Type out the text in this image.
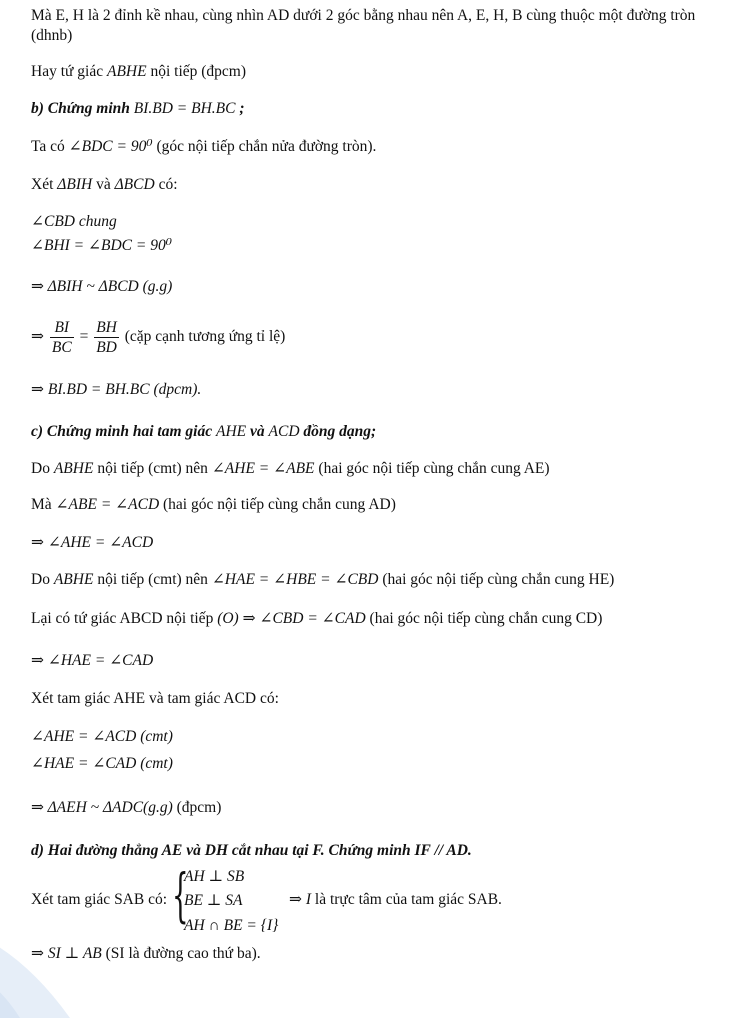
Mà E, H là 2 đỉnh kề nhau, cùng nhìn AD dưới 2 góc bằng nhau nên A, E, H, B cùng thuộc một đường tròn
(dhnb)
Hay tứ giác ABHE nội tiếp (đpcm)
b) Chứng minh BI.BD = BH.BC ;
Ta có ∠BDC = 90⁰ (góc nội tiếp chắn nửa đường tròn).
Xét ΔBIH và ΔBCD có:
∠CBD chung
∠BHI = ∠BDC = 90⁰
⇒ ΔBIH ~ ΔBCD (g.g)
⇒ $\frac{BI}{BC} = \frac{BH}{BD}$ (cặp cạnh tương ứng tỉ lệ)
⇒ BI.BD = BH.BC (dpcm).
c) Chứng minh hai tam giác AHE và ACD đồng dạng;
Do ABHE nội tiếp (cmt) nên ∠AHE = ∠ABE (hai góc nội tiếp cùng chắn cung AE)
Mà ∠ABE = ∠ACD (hai góc nội tiếp cùng chắn cung AD)
⇒ ∠AHE = ∠ACD
Do ABHE nội tiếp (cmt) nên ∠HAE = ∠HBE = ∠CBD (hai góc nội tiếp cùng chắn cung HE)
Lại có tứ giác ABCD nội tiếp (O) ⇒ ∠CBD = ∠CAD (hai góc nội tiếp cùng chắn cung CD)
⇒ ∠HAE = ∠CAD
Xét tam giác AHE và tam giác ACD có:
∠AHE = ∠ACD (cmt)
∠HAE = ∠CAD (cmt)
⇒ ΔAEH ~ ΔADC(g.g) (đpcm)
d) Hai đường thẳng AE và DH cắt nhau tại F. Chứng minh IF // AD.
Xét tam giác SAB có: {
AH ⊥ SB
BE ⊥ SA
AH ∩ BE = {I}
⇒ I là trực tâm của tam giác SAB.
⇒ SI ⊥ AB (SI là đường cao thứ ba).
